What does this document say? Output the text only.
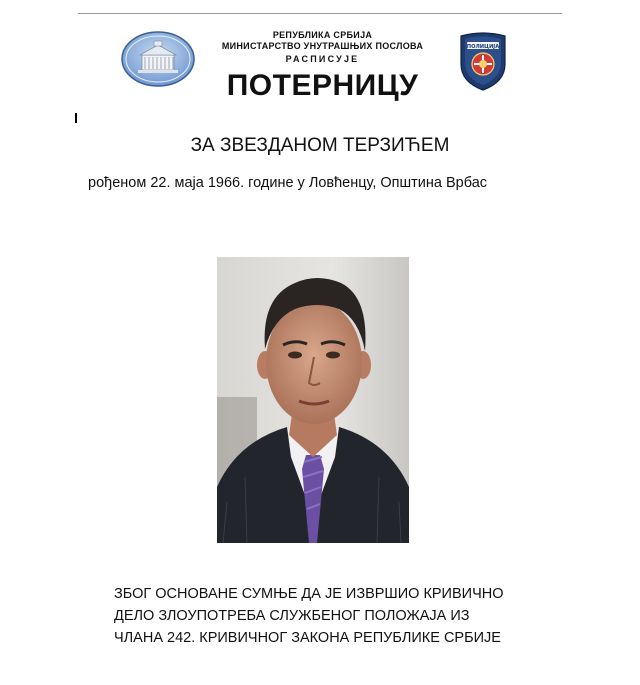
РЕПУБЛИКА СРБИЈА
МИНИСТАРСТВО УНУТРАШЊИХ ПОСЛОВА
РАСПИСУЈЕ
ПОТЕРНИЦУ
ПОЛИЦИЈА
ЗА ЗВЕЗДАНОМ ТЕРЗИЋЕМ
рођеном 22. маја 1966. године у Ловћенцу, Општина Врбас
ЗБОГ ОСНОВАНЕ СУМЊЕ ДА ЈЕ ИЗВРШИО КРИВИЧНО
ДЕЛО ЗЛОУПОТРЕБА СЛУЖБЕНОГ ПОЛОЖАЈА ИЗ
ЧЛАНА 242. КРИВИЧНОГ ЗАКОНА РЕПУБЛИКЕ СРБИЈЕ
